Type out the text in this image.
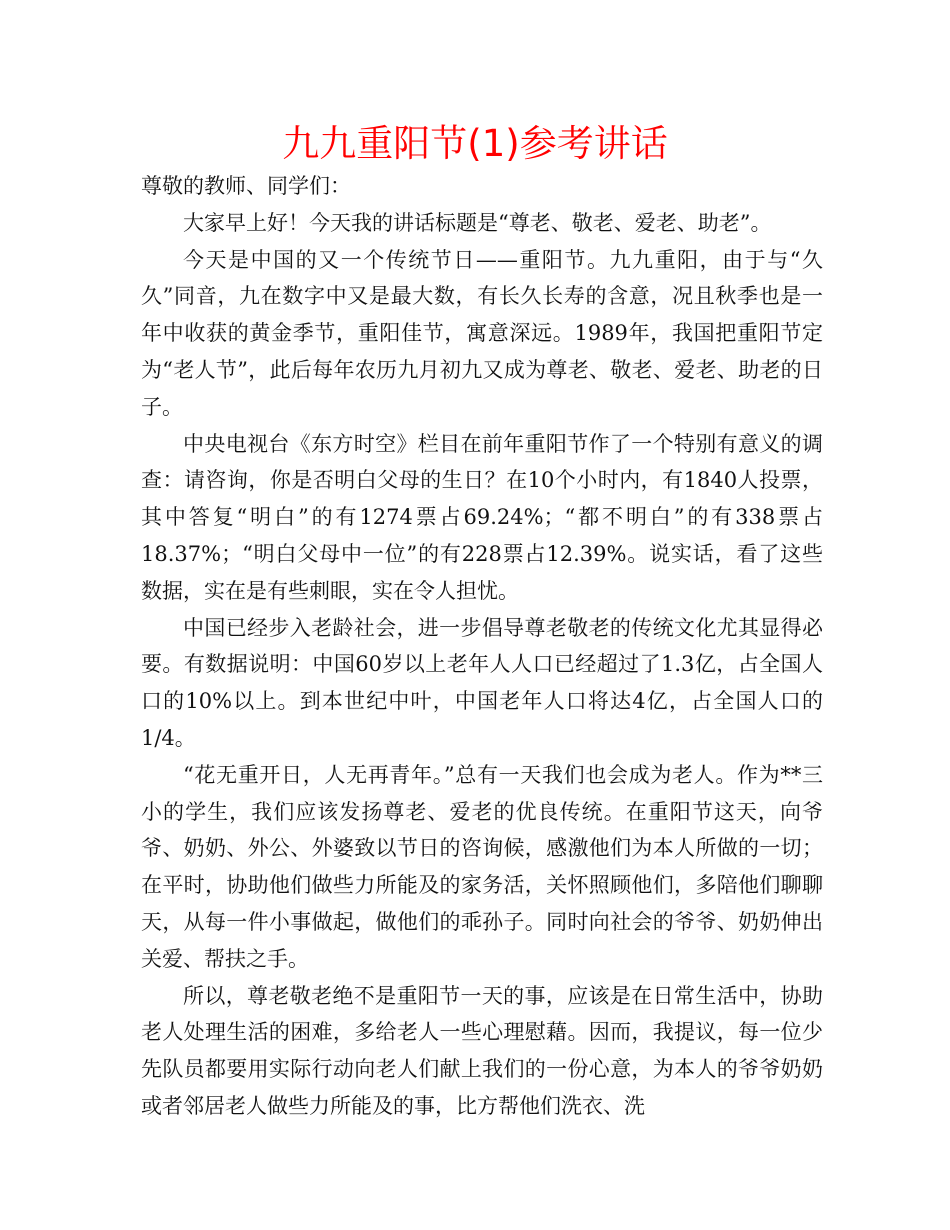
九九重阳节(1)参考讲话

尊敬的教师、同学们：

大家早上好！今天我的讲话标题是“尊老、敬老、爱老、助老”。

今天是中国的又一个传统节日——重阳节。九九重阳，由于与“久久”同音，九在数字中又是最大数，有长久长寿的含意，况且秋季也是一年中收获的黄金季节，重阳佳节，寓意深远。1989年，我国把重阳节定为“老人节”，此后每年农历九月初九又成为尊老、敬老、爱老、助老的日子。

中央电视台《东方时空》栏目在前年重阳节作了一个特别有意义的调查：请咨询，你是否明白父母的生日？在10个小时内，有1840人投票，其中答复“明白”的有1274票占69.24%；“都不明白”的有338票占18.37%；“明白父母中一位”的有228票占12.39%。说实话，看了这些数据，实在是有些刺眼，实在令人担忧。

中国已经步入老龄社会，进一步倡导尊老敬老的传统文化尤其显得必要。有数据说明：中国60岁以上老年人人口已经超过了1.3亿，占全国人口的10%以上。到本世纪中叶，中国老年人口将达4亿，占全国人口的1/4。

“花无重开日，人无再青年。”总有一天我们也会成为老人。作为**三小的学生，我们应该发扬尊老、爱老的优良传统。在重阳节这天，向爷爷、奶奶、外公、外婆致以节日的咨询候，感激他们为本人所做的一切；在平时，协助他们做些力所能及的家务活，关怀照顾他们，多陪他们聊聊天，从每一件小事做起，做他们的乖孙子。同时向社会的爷爷、奶奶伸出关爱、帮扶之手。

所以，尊老敬老绝不是重阳节一天的事，应该是在日常生活中，协助老人处理生活的困难，多给老人一些心理慰藉。因而，我提议，每一位少先队员都要用实际行动向老人们献上我们的一份心意，为本人的爷爷奶奶或者邻居老人做些力所能及的事，比方帮他们洗衣、洗
